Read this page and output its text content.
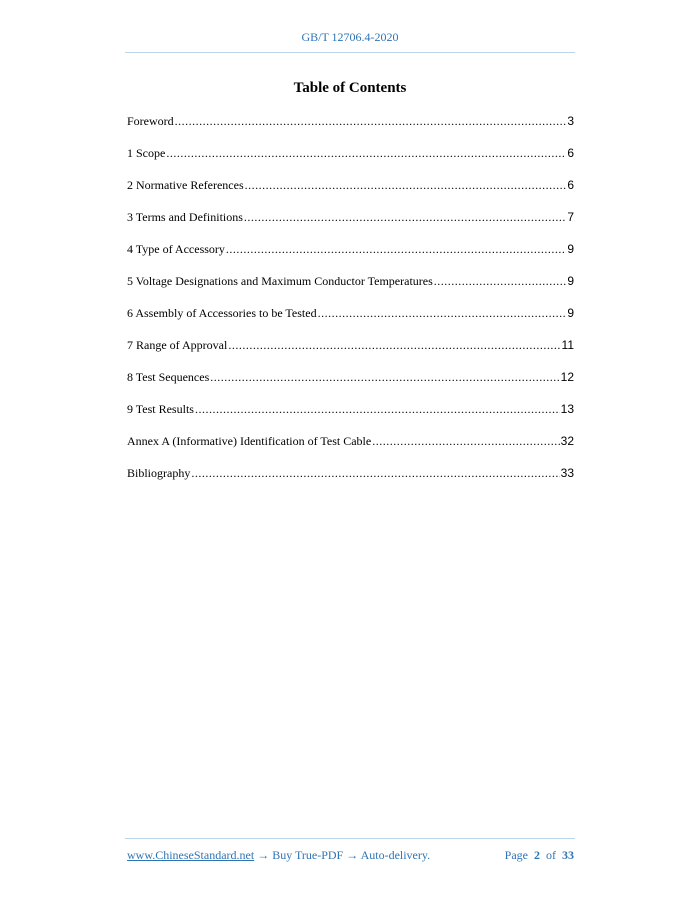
GB/T 12706.4-2020
Table of Contents
Foreword .....	3
1 Scope .....	6
2 Normative References .....	6
3 Terms and Definitions .....	7
4 Type of Accessory .....	9
5 Voltage Designations and Maximum Conductor Temperatures .....	9
6 Assembly of Accessories to be Tested .....	9
7 Range of Approval .....	11
8 Test Sequences .....	12
9 Test Results .....	13
Annex A (Informative) Identification of Test Cable .....	32
Bibliography .....	33
www.ChineseStandard.net → Buy True-PDF → Auto-delivery.	Page 2 of 33
